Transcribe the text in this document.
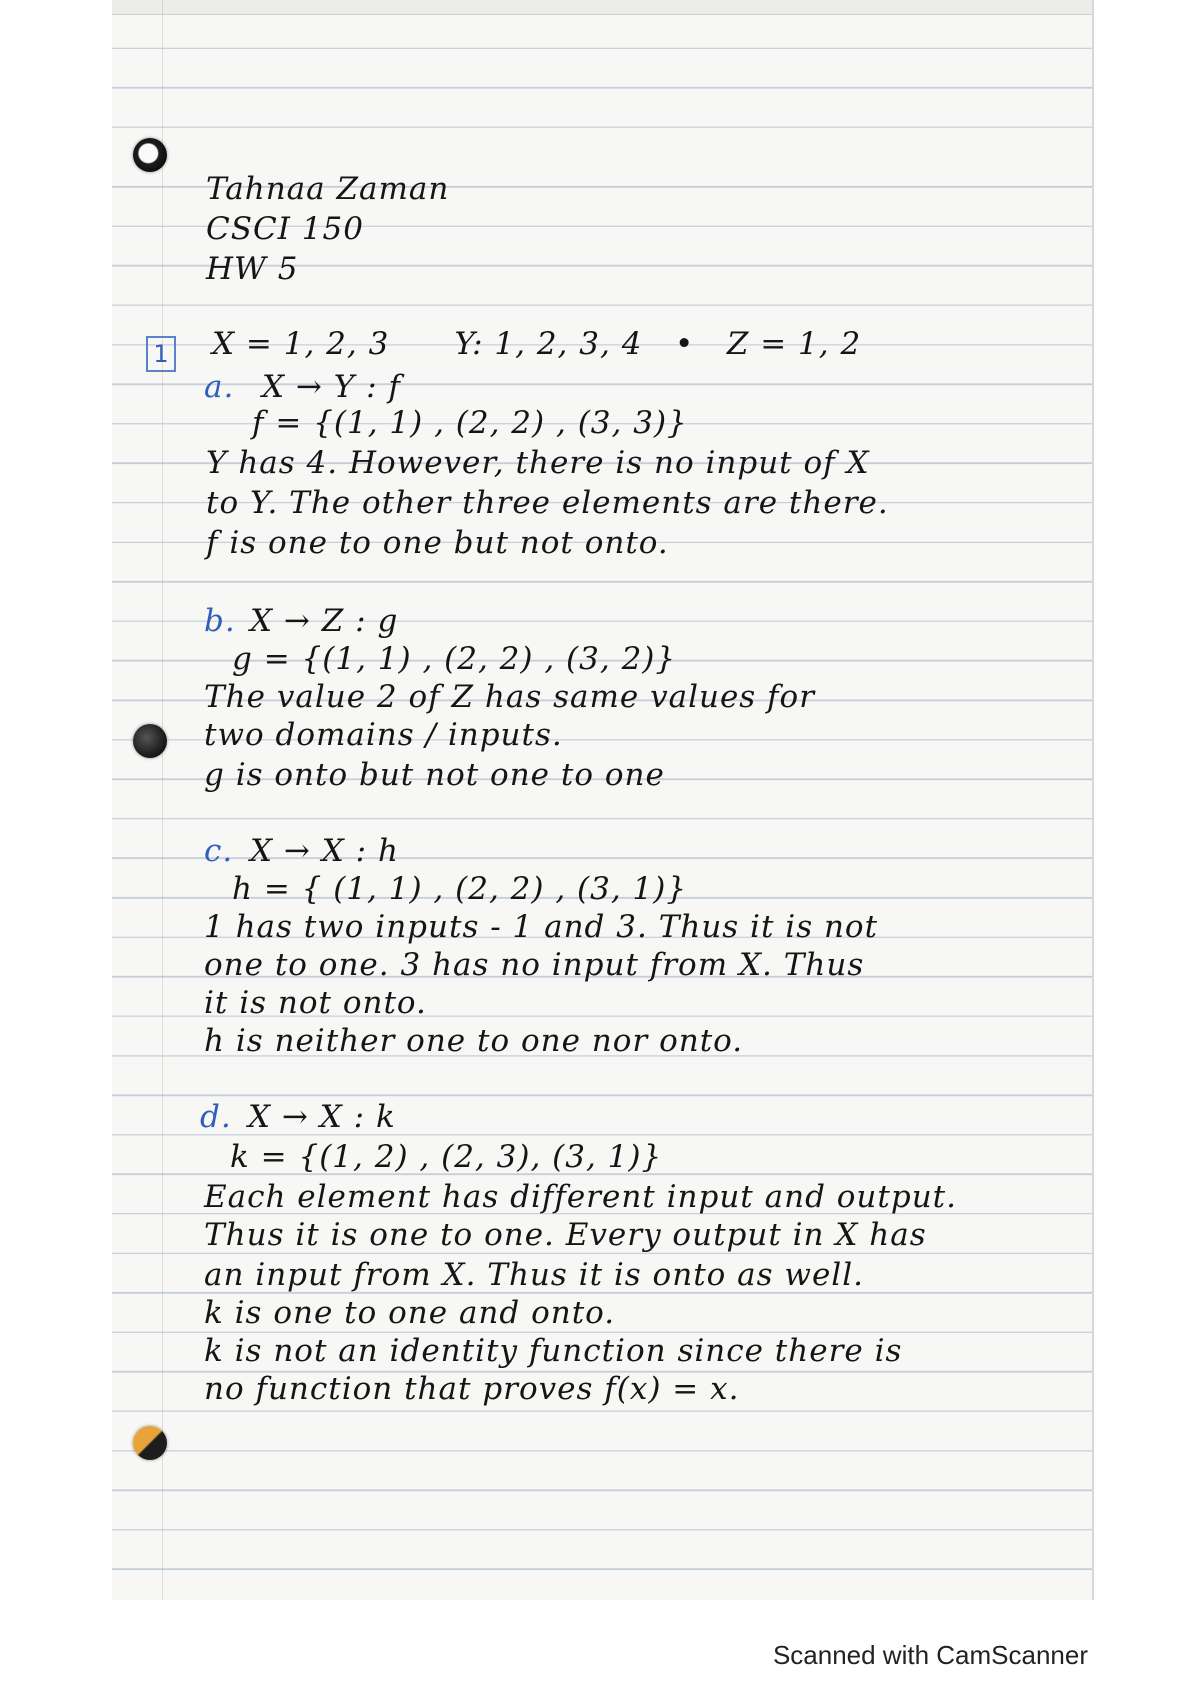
Tahnaa Zaman

CSCI 150

HW 5

1 X = 1, 2, 3      Y: 1, 2, 3, 4   •   Z = 1, 2

a. X → Y : f

f = {(1, 1) , (2, 2) , (3, 3)}

Y has 4. However, there is no input of X

to Y. The other three elements are there.

f is one to one but not onto.

b. X → Z : g

g = {(1, 1) , (2, 2) , (3, 2)}

The value 2 of Z has same values for

two domains / inputs.

g is onto but not one to one

c. X → X : h

h = { (1, 1) , (2, 2) , (3, 1)}

1 has two inputs - 1 and 3. Thus it is not

one to one. 3 has no input from X. Thus

it is not onto.

h is neither one to one nor onto.

d. X → X : k

k = {(1, 2) , (2, 3), (3, 1)}

Each element has different input and output.

Thus it is one to one. Every output in X has

an input from X. Thus it is onto as well.

k is one to one and onto.

k is not an identity function since there is

no function that proves f(x) = x.

Scanned with CamScanner
